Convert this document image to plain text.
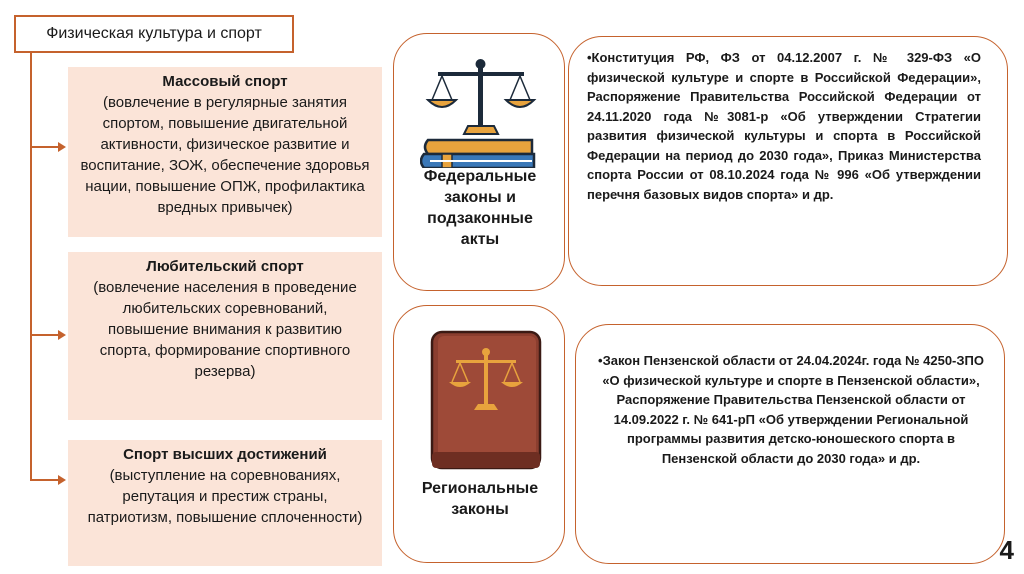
Физическая культура и спорт
Массовый спорт
(вовлечение в регулярные занятия спортом, повышение двигательной активности, физическое развитие и воспитание, ЗОЖ, обеспечение здоровья нации, повышение ОПЖ, профилактика вредных привычек)
Любительский спорт
(вовлечение населения в проведение любительских соревнований, повышение внимания к развитию спорта, формирование спортивного резерва)
Спорт высших достижений
(выступление на соревнованиях, репутация и престиж страны, патриотизм, повышение сплоченности)
Федеральные законы и подзаконные акты
•Конституция РФ, ФЗ от 04.12.2007 г. № 329-ФЗ «О физической культуре и спорте в Российской Федерации», Распоряжение Правительства Российской Федерации от 24.11.2020 года №3081-р «Об утверждении Стратегии развития физической культуры и спорта в Российской Федерации на период до 2030 года», Приказ Министерства спорта России от 08.10.2024 года № 996 «Об утверждении перечня базовых видов спорта» и др.
Региональные законы
•Закон Пензенской области от 24.04.2024г. года № 4250-ЗПО «О физической культуре и спорте в Пензенской области», Распоряжение Правительства Пензенской области от 14.09.2022 г. № 641-рП «Об утверждении Региональной программы развития детско-юношеского спорта в Пензенской области до 2030 года» и др.
4
